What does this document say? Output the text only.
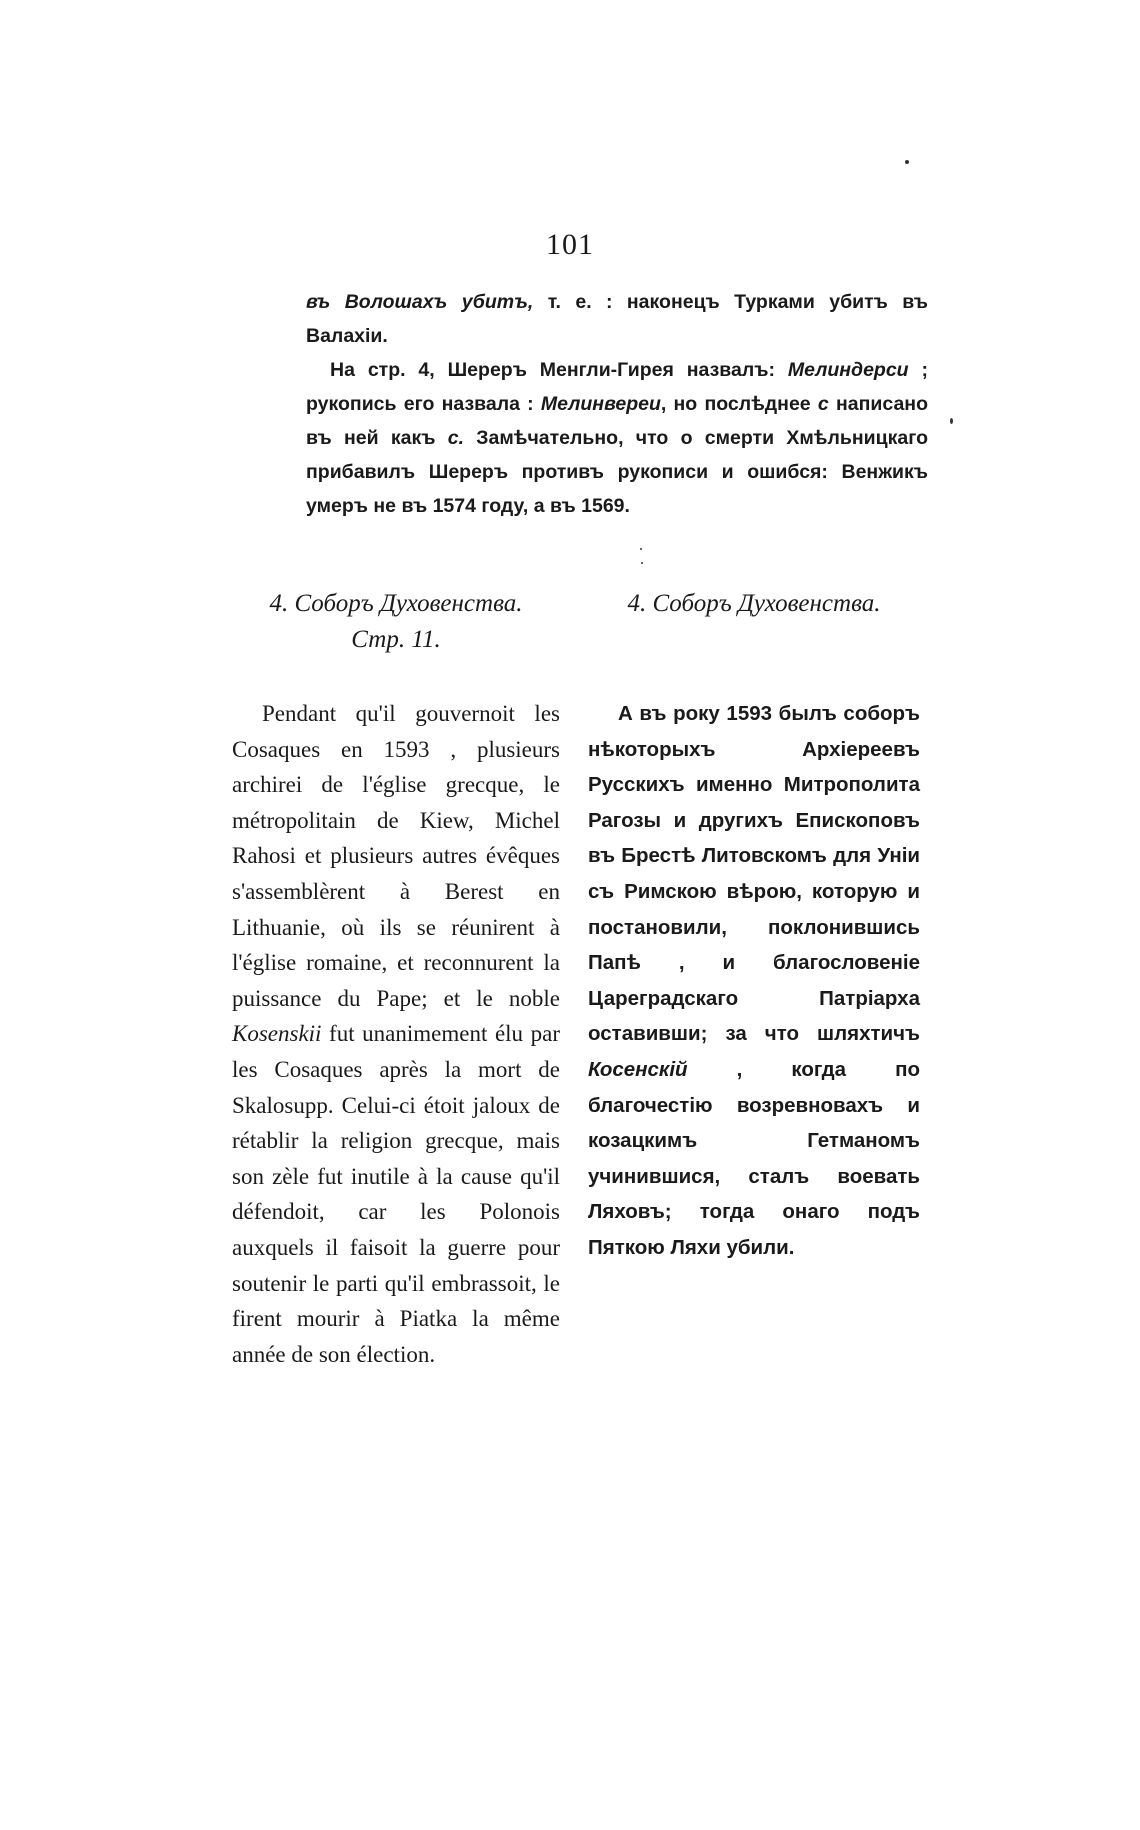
101

въ Волошахъ убитъ, т. е. : наконецъ Турками убитъ въ Валахiи.

На стр. 4, Шереръ Менгли-Гирея назвалъ: Мелиндерси ; рукопись его назвала : Мелинвереи, но послѣднее с написано въ ней какъ с. Замѣчательно, что о смерти Хмѣльницкаго прибавилъ Шереръ противъ рукописи и ошибся: Венжикъ умеръ не въ 1574 году, а въ 1569.

4. Соборъ Духовенства.
Стр. 11.
Pendant qu'il gouvernoit les Cosaques en 1593 , plusieurs archirei de l'église grecque, le métropolitain de Kiew, Michel Rahosi et plusieurs autres évêques s'assemblèrent à Berest en Lithuanie, où ils se réunirent à l'église romaine, et reconnurent la puissance du Pape; et le noble Kosenskii fut unanimement élu par les Cosaques après la mort de Skalosupp. Celui-ci étoit jaloux de rétablir la religion grecque, mais son zèle fut inutile à la cause qu'il défendoit, car les Polonois auxquels il faisoit la guerre pour soutenir le parti qu'il embrassoit, le firent mourir à Piatka la même année de son élection.
4. Соборъ Духовенства.
А въ року 1593 былъ соборъ нѣкоторыхъ Архiереевъ Русскихъ именно Митрополита Рагозы и другихъ Епископовъ въ Брестѣ Литовскомъ для Унiи съ Римскою вѣрою, которую и постановили, поклонившись Папѣ , и благословенiе Цареградскаго Патрiарха оставивши; за что шляхтичъ Косенскiй , когда по благочестiю возревновахъ и козацкимъ Гетманомъ учинившися, сталъ воевать Ляховъ; тогда онаго подъ Пяткою Ляхи убили.
